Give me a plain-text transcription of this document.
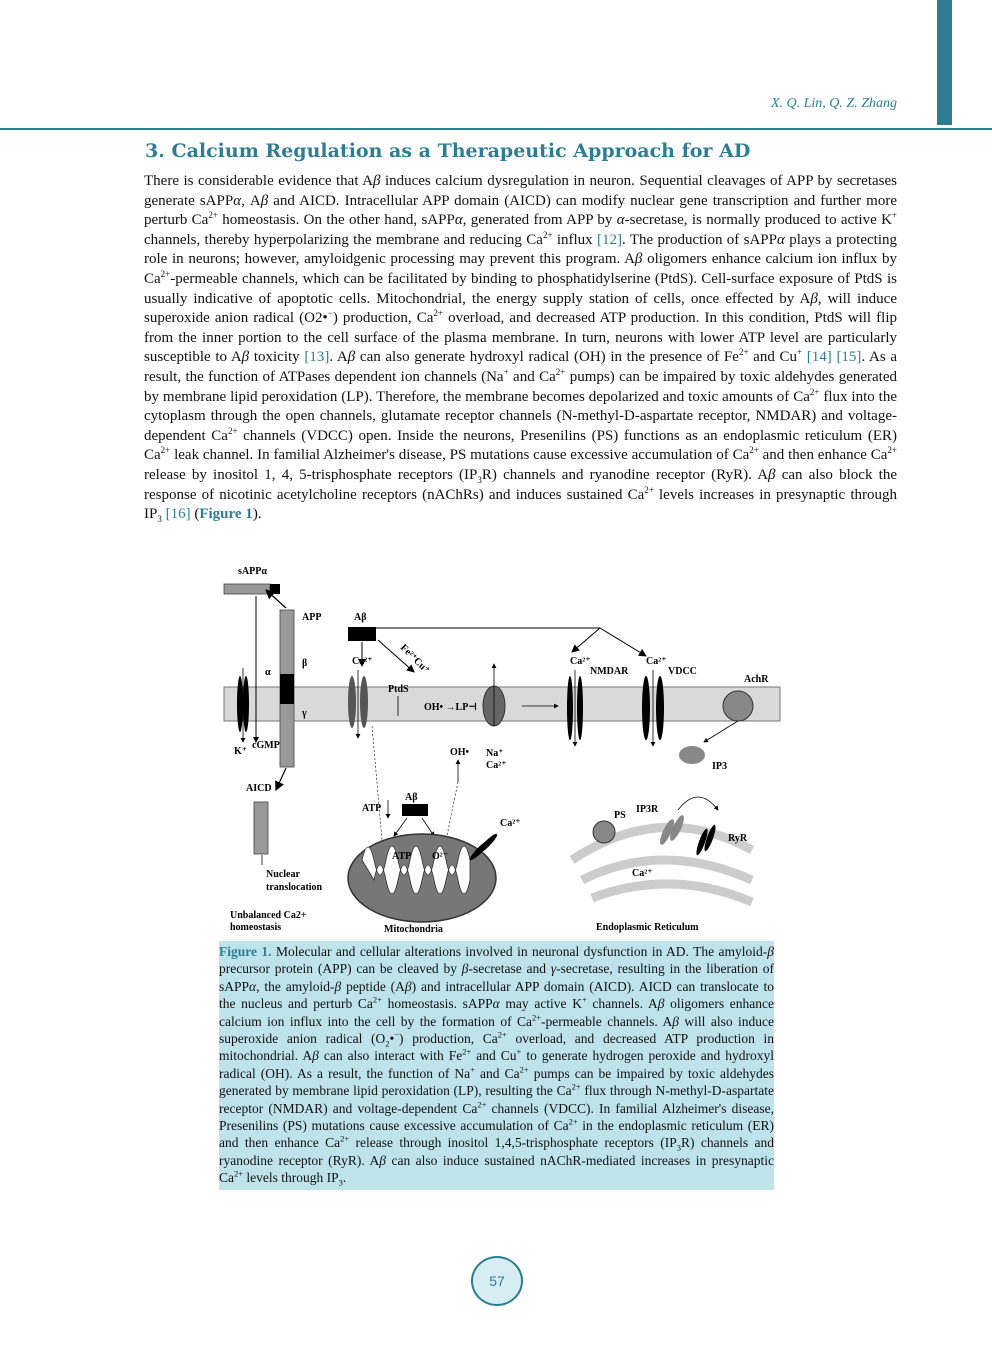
X. Q. Lin, Q. Z. Zhang
3. Calcium Regulation as a Therapeutic Approach for AD
There is considerable evidence that Aβ induces calcium dysregulation in neuron. Sequential cleavages of APP by secretases generate sAPPα, Aβ and AICD. Intracellular APP domain (AICD) can modify nuclear gene transcription and further more perturb $Ca^{2+}$ homeostasis. On the other hand, sAPPα, generated from APP by α-secretase, is normally produced to active K+ channels, thereby hyperpolarizing the membrane and reducing $Ca^{2+}$ influx [12]. The production of sAPPα plays a protecting role in neurons; however, amyloidgenic processing may prevent this program. Aβ oligomers enhance calcium ion influx by $Ca^{2+}$-permeable channels, which can be facilitated by binding to phosphatidylserine (PtdS). Cell-surface exposure of PtdS is usually indicative of apoptotic cells. Mitochondrial, the energy supply station of cells, once effected by Aβ, will induce superoxide anion radical (O2•−) production, $Ca^{2+}$ overload, and decreased ATP production. In this condition, PtdS will flip from the inner portion to the cell surface of the plasma membrane. In turn, neurons with lower ATP level are particularly susceptible to Aβ toxicity [13]. Aβ can also generate hydroxyl radical (OH) in the presence of $Fe^{2+}$ and Cu+ [14] [15]. As a result, the function of ATPases dependent ion channels (Na+ and $Ca^{2+}$ pumps) can be impaired by toxic aldehydes generated by membrane lipid peroxidation (LP). Therefore, the membrane becomes depolarized and toxic amounts of $Ca^{2+}$ flux into the cytoplasm through the open channels, glutamate receptor channels (N-methyl-D-aspartate receptor, NMDAR) and voltage-dependent $Ca^{2+}$ channels (VDCC) open. Inside the neurons, Presenilins (PS) functions as an endoplasmic reticulum (ER) $Ca^{2+}$ leak channel. In familial Alzheimer's disease, PS mutations cause excessive accumulation of $Ca^{2+}$ and then enhance $Ca^{2+}$ release by inositol 1, 4, 5-trisphosphate receptors $(IP_3R)$ channels and ryanodine receptor (RyR). Aβ can also block the response of nicotinic acetylcholine receptors (nAChRs) and induces sustained $Ca^{2+}$ levels increases in presynaptic through $IP_3$ [16] (Figure 1).
sAPPα
APP
α
β
γ
K⁺
cGMP
AICD
Nuclear
translocation
Unbalanced Ca2+
homeostasis
Aβ
Fe²⁺Cu⁺
Ca²⁺
PtdS
OH• →LP⊣
OH• Na⁺
Ca²⁺
Ca²⁺
NMDAR
Ca²⁺
VDCC
AchR
IP3
ATP
Aβ
ATP O²⁻
Ca²⁺
Mitochondria
PS
IP3R
RyR
Ca²⁺
Endoplasmic Reticulum
Figure 1. Molecular and cellular alterations involved in neuronal dysfunction in AD. The amyloid-β precursor protein (APP) can be cleaved by β-secretase and γ-secretase, resulting in the liberation of sAPPα, the amyloid-β peptide (Aβ) and intracellular APP domain (AICD). AICD can translocate to the nucleus and perturb $Ca^{2+}$ homeostasis. sAPPα may active K+ channels. Aβ oligomers enhance calcium ion influx into the cell by the formation of $Ca^{2+}$-permeable channels. Aβ will also induce superoxide anion radical $(O_2•^-)$ production, $Ca^{2+}$ overload, and decreased ATP production in mitochondrial. Aβ can also interact with $Fe^{2+}$ and Cu+ to generate hydrogen peroxide and hydroxyl radical (OH). As a result, the function of Na+ and $Ca^{2+}$ pumps can be impaired by toxic aldehydes generated by membrane lipid peroxidation (LP), resulting the $Ca^{2+}$ flux through N-methyl-D-aspartate receptor (NMDAR) and voltage-dependent $Ca^{2+}$ channels (VDCC). In familial Alzheimer's disease, Presenilins (PS) mutations cause excessive accumulation of $Ca^{2+}$ in the endoplasmic reticulum (ER) and then enhance $Ca^{2+}$ release through inositol 1,4,5-trisphosphate receptors $(IP_3R)$ channels and ryanodine receptor (RyR). Aβ can also induce sustained nAChR-mediated increases in presynaptic $Ca^{2+}$ levels through $IP_3$.
57
